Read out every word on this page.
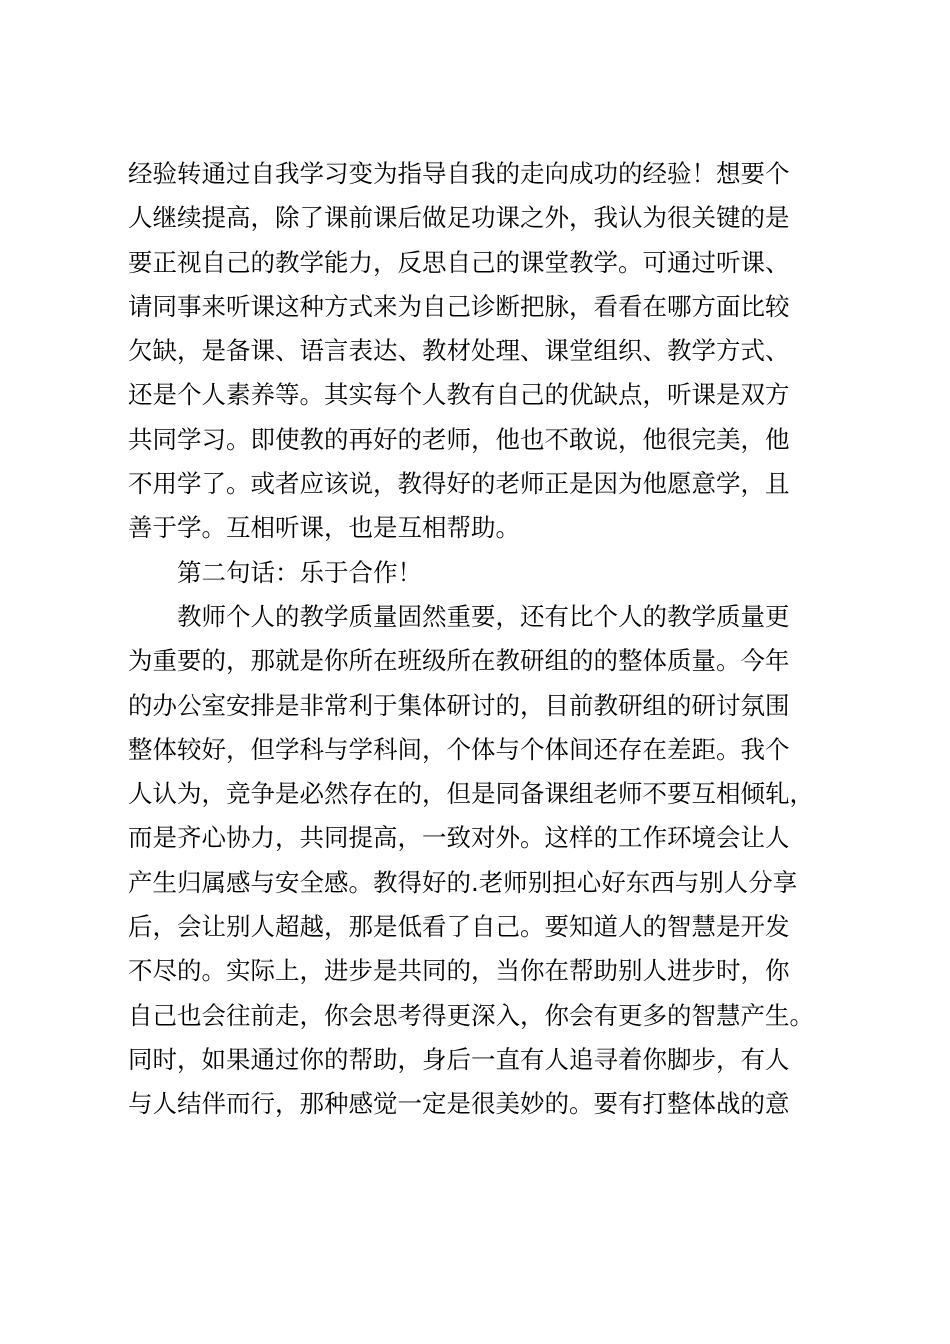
经验转通过自我学习变为指导自我的走向成功的经验！想要个
人继续提高，除了课前课后做足功课之外，我认为很关键的是
要正视自己的教学能力，反思自己的课堂教学。可通过听课、
请同事来听课这种方式来为自己诊断把脉，看看在哪方面比较
欠缺，是备课、语言表达、教材处理、课堂组织、教学方式、
还是个人素养等。其实每个人教有自己的优缺点，听课是双方
共同学习。即使教的再好的老师，他也不敢说，他很完美，他
不用学了。或者应该说，教得好的老师正是因为他愿意学，且
善于学。互相听课，也是互相帮助。
　　第二句话：乐于合作！
　　教师个人的教学质量固然重要，还有比个人的教学质量更
为重要的，那就是你所在班级所在教研组的的整体质量。今年
的办公室安排是非常利于集体研讨的，目前教研组的研讨氛围
整体较好，但学科与学科间，个体与个体间还存在差距。我个
人认为，竞争是必然存在的，但是同备课组老师不要互相倾轧，
而是齐心协力，共同提高，一致对外。这样的工作环境会让人
产生归属感与安全感。教得好的.老师别担心好东西与别人分享
后，会让别人超越，那是低看了自己。要知道人的智慧是开发
不尽的。实际上，进步是共同的，当你在帮助别人进步时，你
自己也会往前走，你会思考得更深入，你会有更多的智慧产生。
同时，如果通过你的帮助，身后一直有人追寻着你脚步，有人
与人结伴而行，那种感觉一定是很美妙的。要有打整体战的意
